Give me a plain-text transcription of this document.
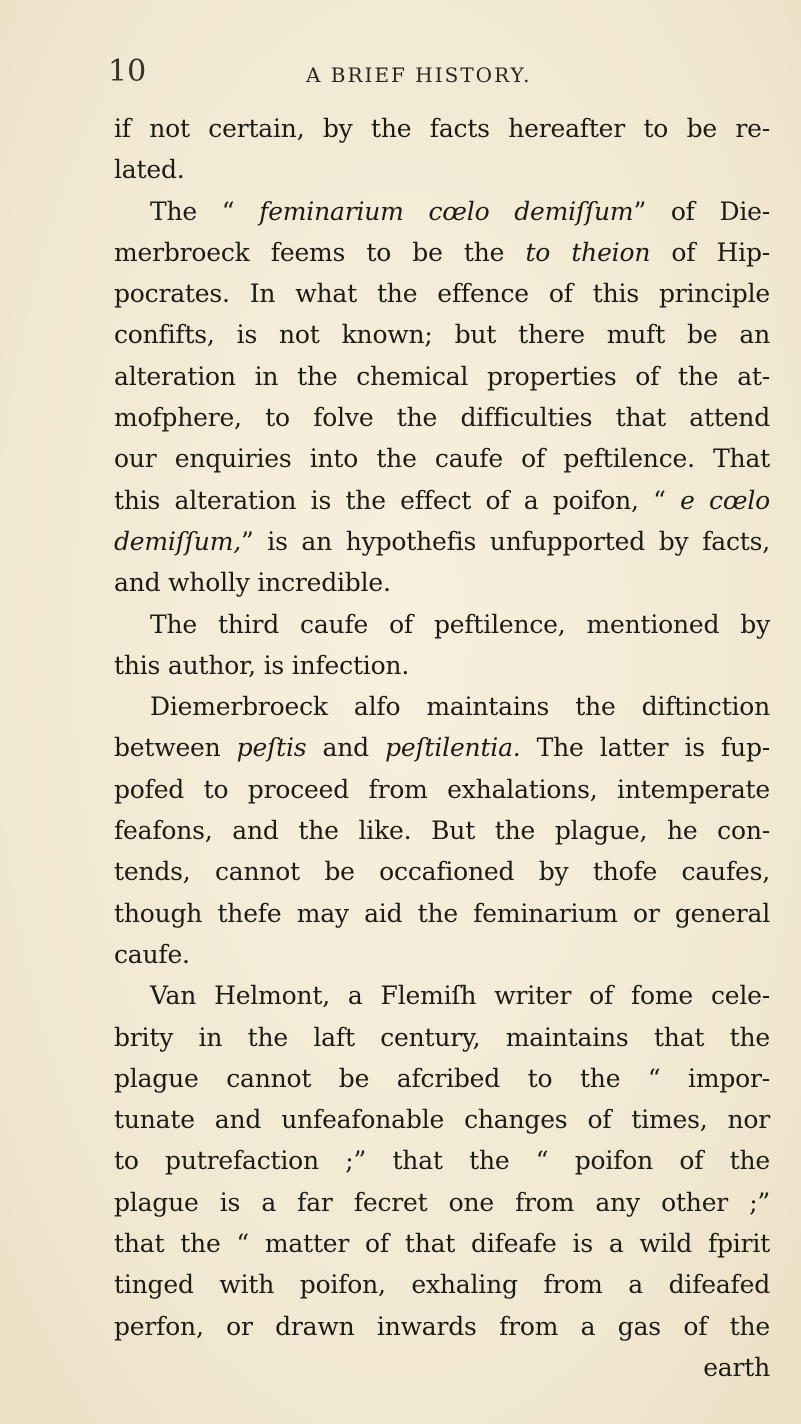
10	A BRIEF HISTORY.
if not certain, by the facts hereafter to be re-
lated.
The “ feminarium cœlo demiſſum” of Die-
merbroeck feems to be the to theion of Hip-
pocrates. In what the effence of this principle
confifts, is not known; but there muft be an
alteration in the chemical properties of the at-
mofphere, to folve the difficulties that attend
our enquiries into the caufe of peftilence. That
this alteration is the effect of a poifon, “ e cœlo
demiſſum,” is an hypothefis unfupported by facts,
and wholly incredible.
The third caufe of peftilence, mentioned by
this author, is infection.
Diemerbroeck alfo maintains the diftinction
between peſtis and peſtilentia. The latter is fup-
pofed to proceed from exhalations, intemperate
feafons, and the like. But the plague, he con-
tends, cannot be occafioned by thofe caufes,
though thefe may aid the feminarium or general
caufe.
Van Helmont, a Flemiſh writer of fome cele-
brity in the laft century, maintains that the
plague cannot be afcribed to the “ impor-
tunate and unfeafonable changes of times, nor
to putrefaction ;” that the “ poifon of the
plague is a far fecret one from any other ;”
that the “ matter of that difeafe is a wild fpirit
tinged with poifon, exhaling from a difeafed
perfon, or drawn inwards from a gas of the
earth
